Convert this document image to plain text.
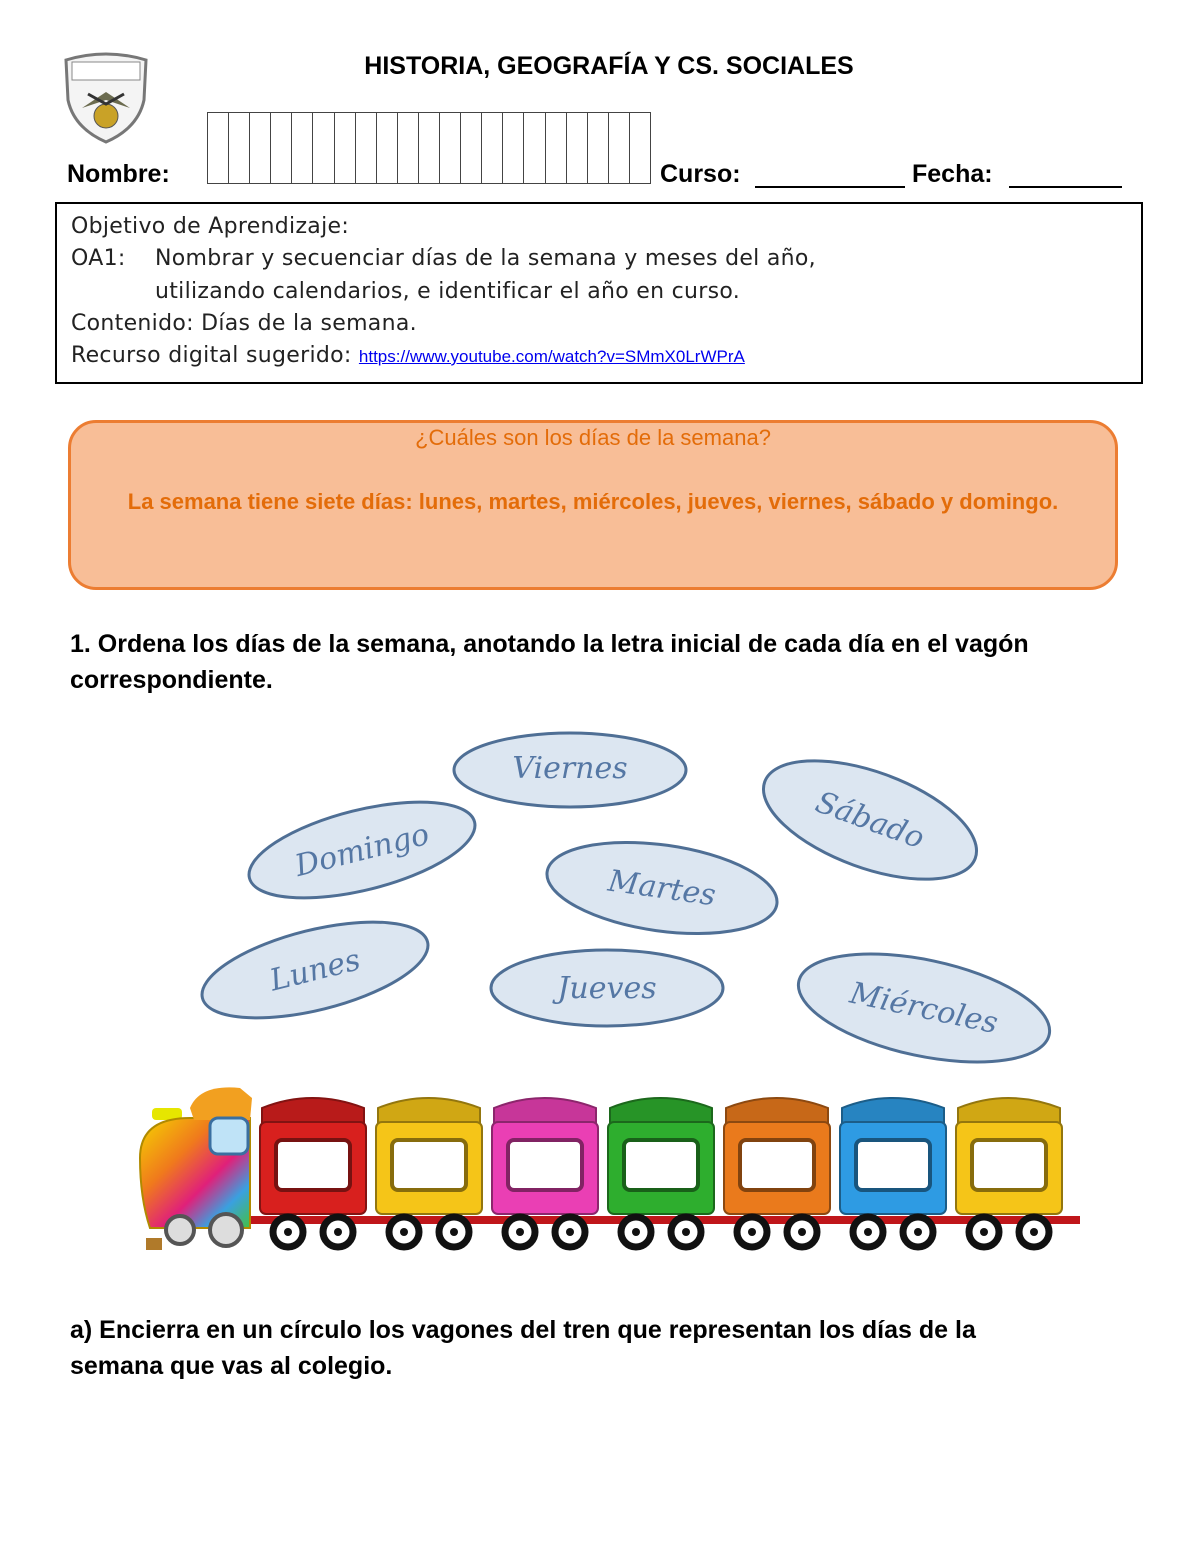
HISTORIA, GEOGRAFÍA Y CS. SOCIALES
Nombre:	Curso:	Fecha:
Objetivo de Aprendizaje:
OA1: Nombrar y secuenciar días de la semana y meses del año,
utilizando calendarios, e identificar el año en curso.
Contenido: Días de la semana.
Recurso digital sugerido: https://www.youtube.com/watch?v=SMmX0LrWPrA
¿Cuáles son los días de la semana?
La semana tiene siete días: lunes, martes, miércoles, jueves, viernes, sábado y domingo.
1. Ordena los días de la semana, anotando la letra inicial de cada día en el vagón correspondiente.
Viernes
Sábado
Domingo
Martes
Lunes	Jueves	Miércoles
a) Encierra en un círculo los vagones del tren que representan los días de la semana que vas al colegio.
